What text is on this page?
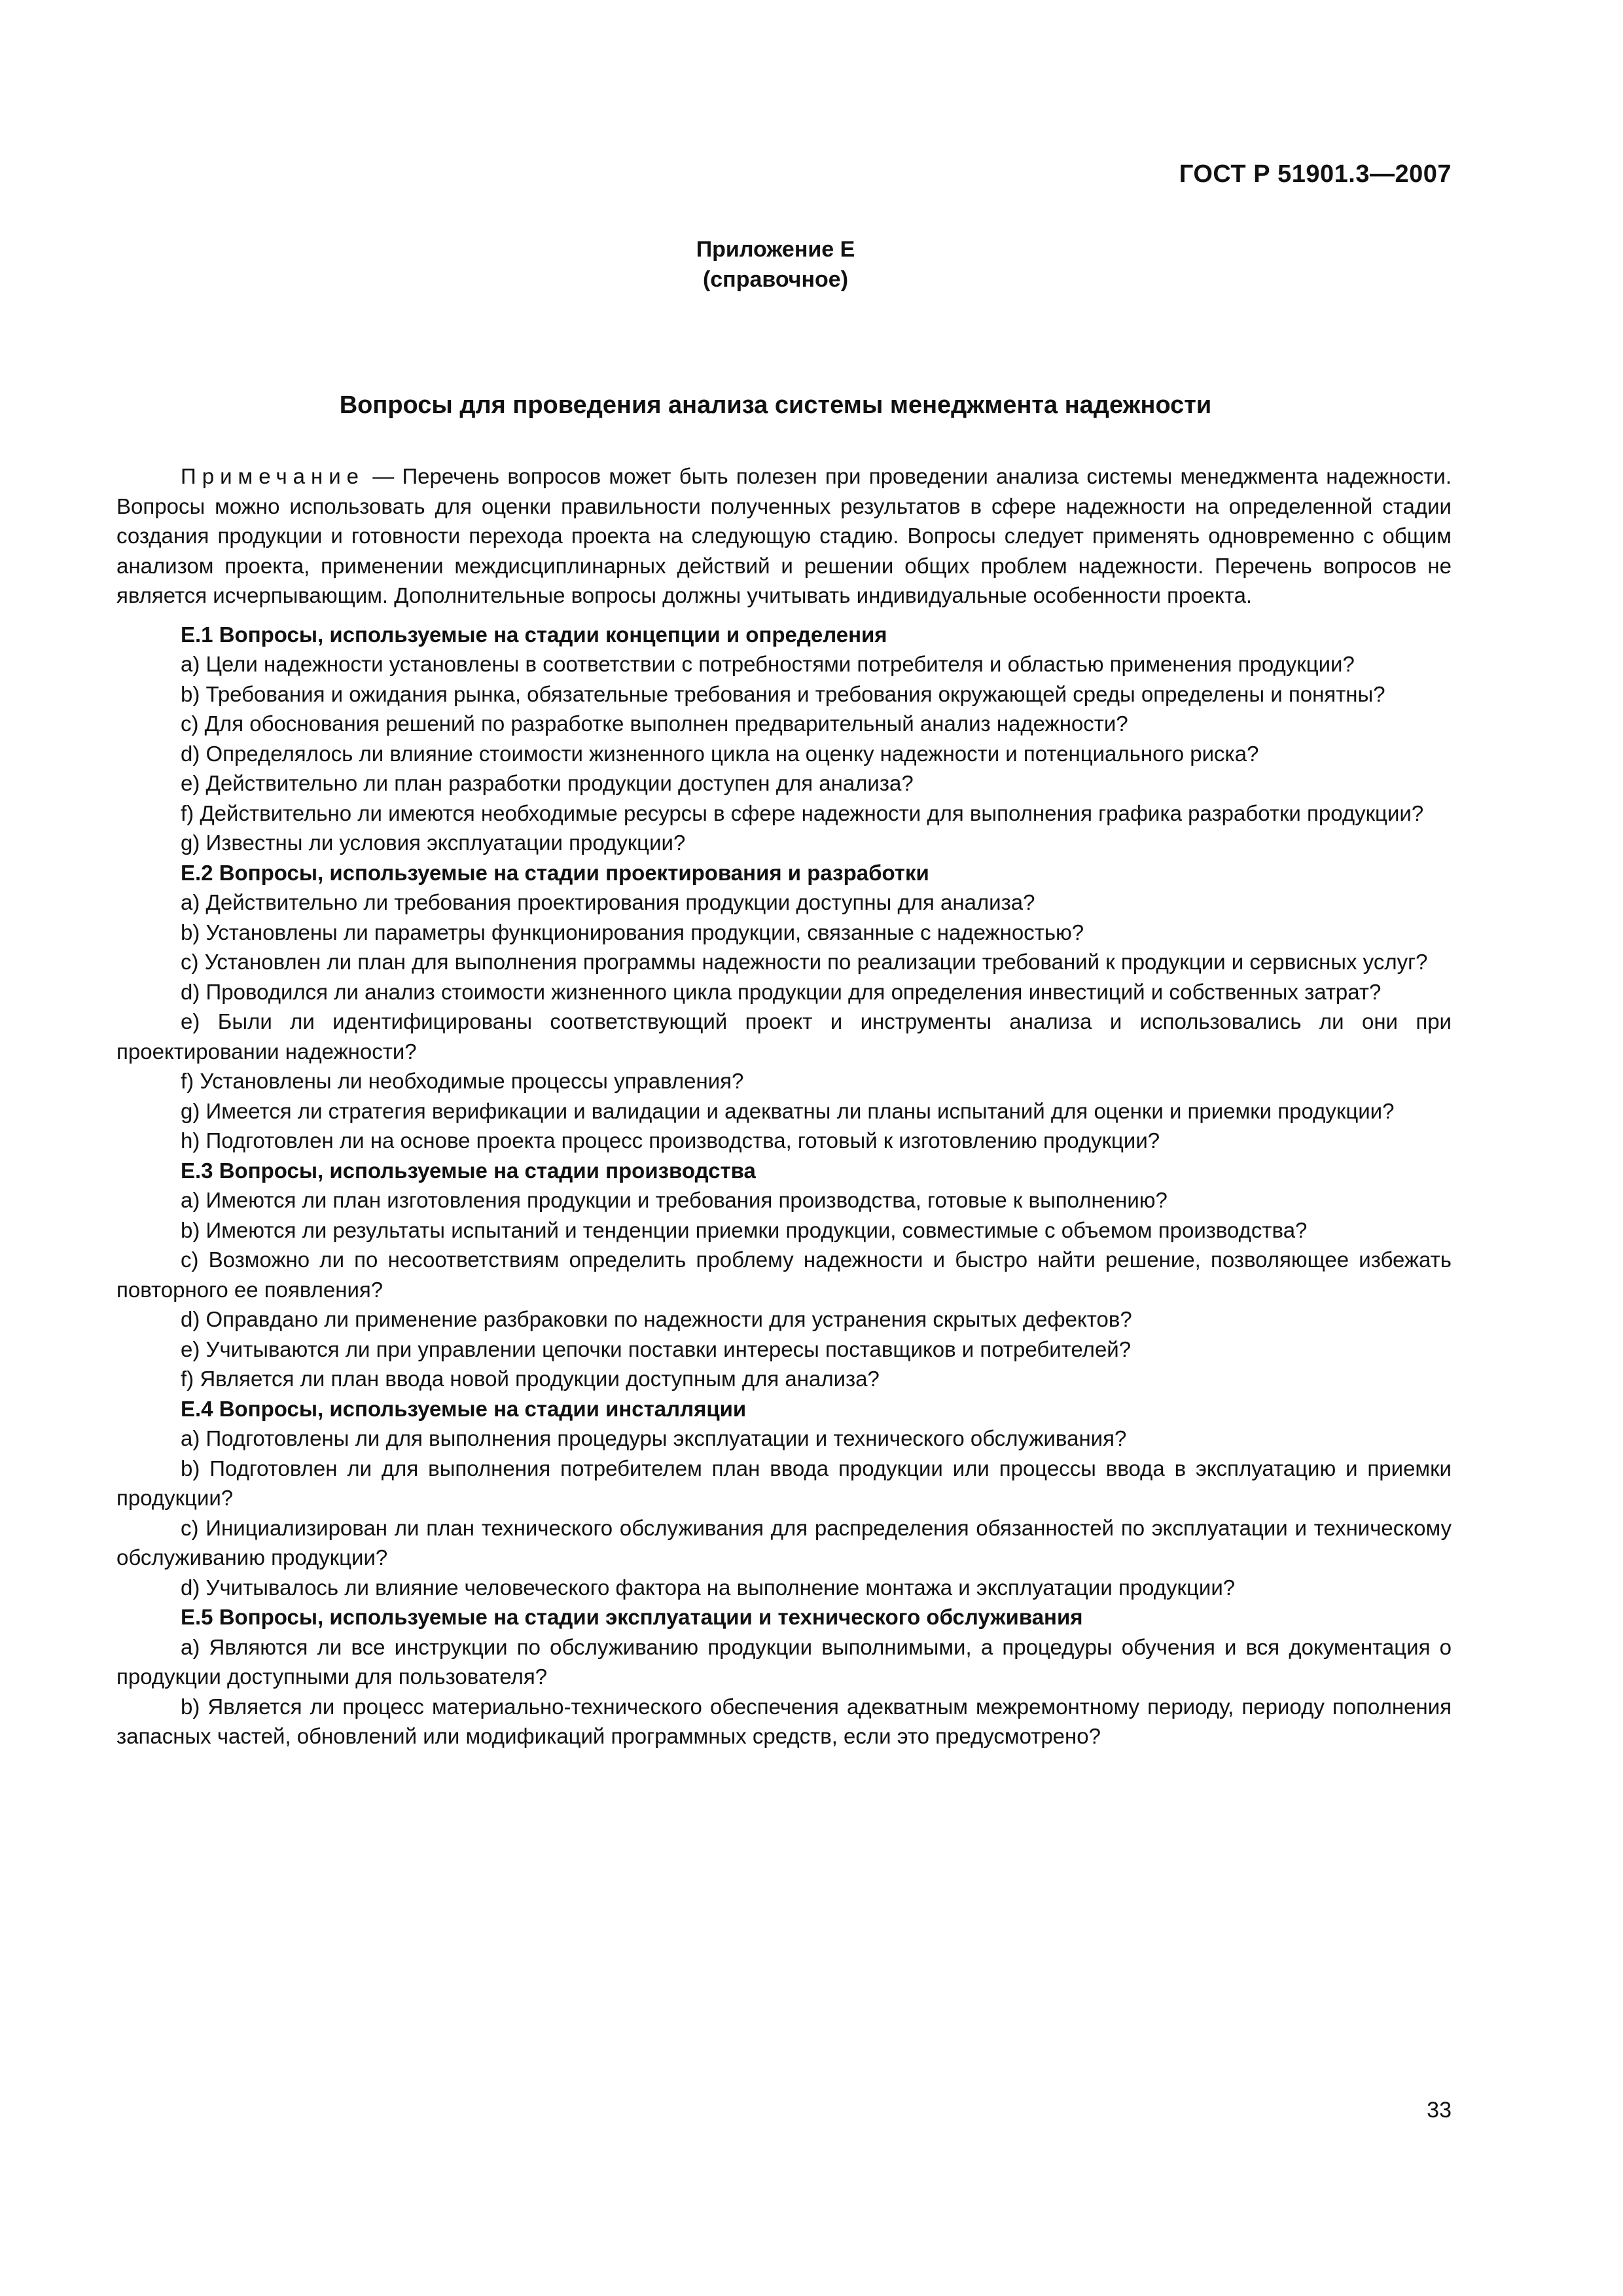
ГОСТ Р 51901.3—2007
Приложение Е
(справочное)
Вопросы для проведения анализа системы менеджмента надежности

Примечание — Перечень вопросов может быть полезен при проведении анализа системы менеджмента надежности. Вопросы можно использовать для оценки правильности полученных результатов в сфере надежности на определенной стадии создания продукции и готовности перехода проекта на следующую стадию. Вопросы следует применять одновременно с общим анализом проекта, применении междисциплинарных действий и решении общих проблем надежности. Перечень вопросов не является исчерпывающим. Дополнительные вопросы должны учитывать индивидуальные особенности проекта.

Е.1 Вопросы, используемые на стадии концепции и определения

a) Цели надежности установлены в соответствии с потребностями потребителя и областью применения продукции?

b) Требования и ожидания рынка, обязательные требования и требования окружающей среды определены и понятны?

c) Для обоснования решений по разработке выполнен предварительный анализ надежности?

d) Определялось ли влияние стоимости жизненного цикла на оценку надежности и потенциального риска?

e) Действительно ли план разработки продукции доступен для анализа?

f) Действительно ли имеются необходимые ресурсы в сфере надежности для выполнения графика разработки продукции?

g) Известны ли условия эксплуатации продукции?

Е.2 Вопросы, используемые на стадии проектирования и разработки

a) Действительно ли требования проектирования продукции доступны для анализа?

b) Установлены ли параметры функционирования продукции, связанные с надежностью?

c) Установлен ли план для выполнения программы надежности по реализации требований к продукции и сервисных услуг?

d) Проводился ли анализ стоимости жизненного цикла продукции для определения инвестиций и собственных затрат?

e) Были ли идентифицированы соответствующий проект и инструменты анализа и использовались ли они при проектировании надежности?

f) Установлены ли необходимые процессы управления?

g) Имеется ли стратегия верификации и валидации и адекватны ли планы испытаний для оценки и приемки продукции?

h) Подготовлен ли на основе проекта процесс производства, готовый к изготовлению продукции?

Е.3 Вопросы, используемые на стадии производства

a) Имеются ли план изготовления продукции и требования производства, готовые к выполнению?

b) Имеются ли результаты испытаний и тенденции приемки продукции, совместимые с объемом производства?

c) Возможно ли по несоответствиям определить проблему надежности и быстро найти решение, позволяющее избежать повторного ее появления?

d) Оправдано ли применение разбраковки по надежности для устранения скрытых дефектов?

e) Учитываются ли при управлении цепочки поставки интересы поставщиков и потребителей?

f) Является ли план ввода новой продукции доступным для анализа?

Е.4 Вопросы, используемые на стадии инсталляции

a) Подготовлены ли для выполнения процедуры эксплуатации и технического обслуживания?

b) Подготовлен ли для выполнения потребителем план ввода продукции или процессы ввода в эксплуатацию и приемки продукции?

c) Инициализирован ли план технического обслуживания для распределения обязанностей по эксплуатации и техническому обслуживанию продукции?

d) Учитывалось ли влияние человеческого фактора на выполнение монтажа и эксплуатации продукции?

Е.5 Вопросы, используемые на стадии эксплуатации и технического обслуживания

a) Являются ли все инструкции по обслуживанию продукции выполнимыми, а процедуры обучения и вся документация о продукции доступными для пользователя?

b) Является ли процесс материально-технического обеспечения адекватным межремонтному периоду, периоду пополнения запасных частей, обновлений или модификаций программных средств, если это предусмотрено?

33
